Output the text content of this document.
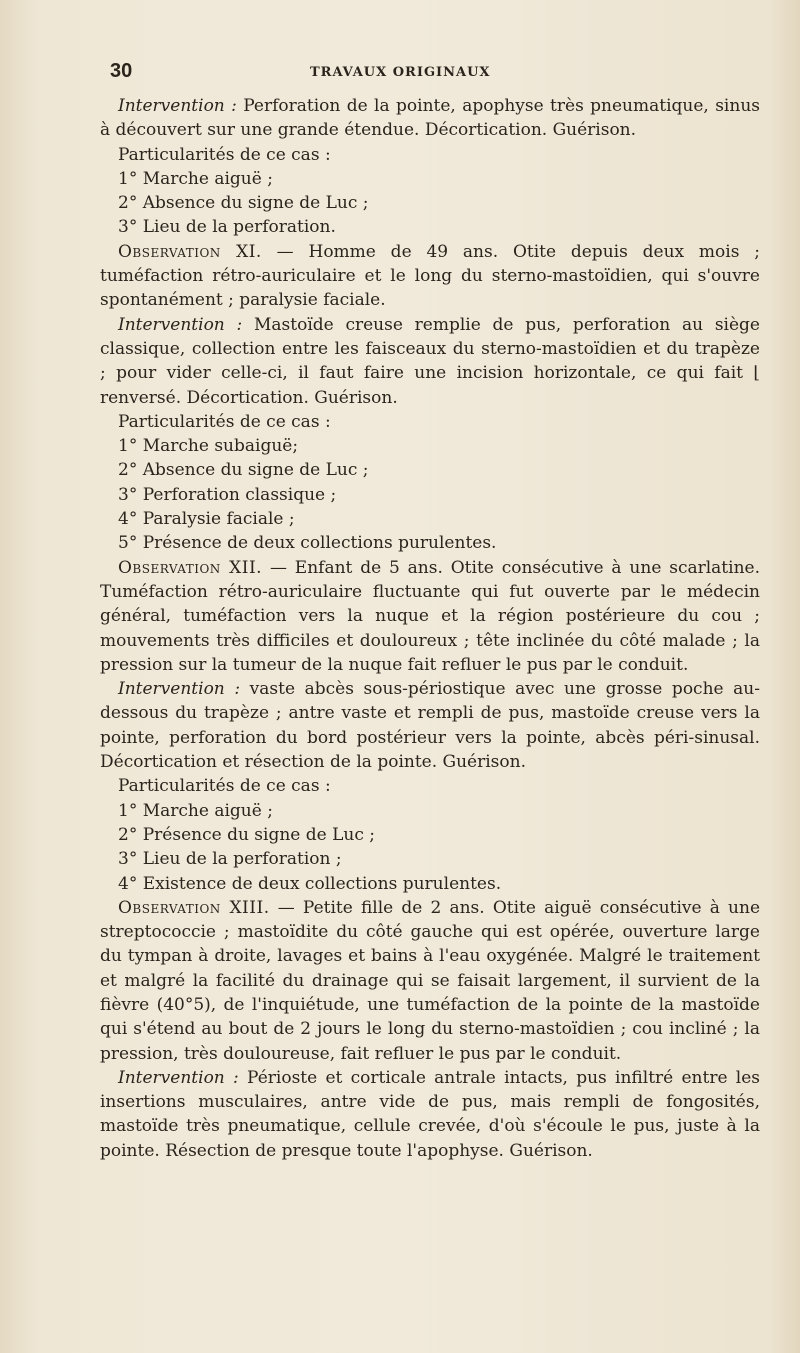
30	TRAVAUX ORIGINAUX

Intervention : Perforation de la pointe, apophyse très pneumatique, sinus à découvert sur une grande étendue. Décortication. Guérison.

Particularités de ce cas :

1° Marche aiguë ;

2° Absence du signe de Luc ;

3° Lieu de la perforation.

Observation XI. — Homme de 49 ans. Otite depuis deux mois ; tuméfaction rétro-auriculaire et le long du sterno-mastoïdien, qui s'ouvre spontanément ; paralysie faciale.

Intervention : Mastoïde creuse remplie de pus, perforation au siège classique, collection entre les faisceaux du sterno-mastoïdien et du trapèze ; pour vider celle-ci, il faut faire une incision horizontale, ce qui fait ⌊ renversé. Décortication. Guérison.

Particularités de ce cas :

1° Marche subaiguë;

2° Absence du signe de Luc ;

3° Perforation classique ;

4° Paralysie faciale ;

5° Présence de deux collections purulentes.

Observation XII. — Enfant de 5 ans. Otite consécutive à une scarlatine. Tuméfaction rétro-auriculaire fluctuante qui fut ouverte par le médecin général, tuméfaction vers la nuque et la région postérieure du cou ; mouvements très difficiles et douloureux ; tête inclinée du côté malade ; la pression sur la tumeur de la nuque fait refluer le pus par le conduit.

Intervention : vaste abcès sous-périostique avec une grosse poche au-dessous du trapèze ; antre vaste et rempli de pus, mastoïde creuse vers la pointe, perforation du bord postérieur vers la pointe, abcès péri-sinusal. Décortication et résection de la pointe. Guérison.

Particularités de ce cas :

1° Marche aiguë ;

2° Présence du signe de Luc ;

3° Lieu de la perforation ;

4° Existence de deux collections purulentes.

Observation XIII. — Petite fille de 2 ans. Otite aiguë consécutive à une streptococcie ; mastoïdite du côté gauche qui est opérée, ouverture large du tympan à droite, lavages et bains à l'eau oxygénée. Malgré le traitement et malgré la facilité du drainage qui se faisait largement, il survient de la fièvre (40°5), de l'inquiétude, une tuméfaction de la pointe de la mastoïde qui s'étend au bout de 2 jours le long du sterno-mastoïdien ; cou incliné ; la pression, très douloureuse, fait refluer le pus par le conduit.

Intervention : Périoste et corticale antrale intacts, pus infiltré entre les insertions musculaires, antre vide de pus, mais rempli de fongosités, mastoïde très pneumatique, cellule crevée, d'où s'écoule le pus, juste à la pointe. Résection de presque toute l'apophyse. Guérison.
